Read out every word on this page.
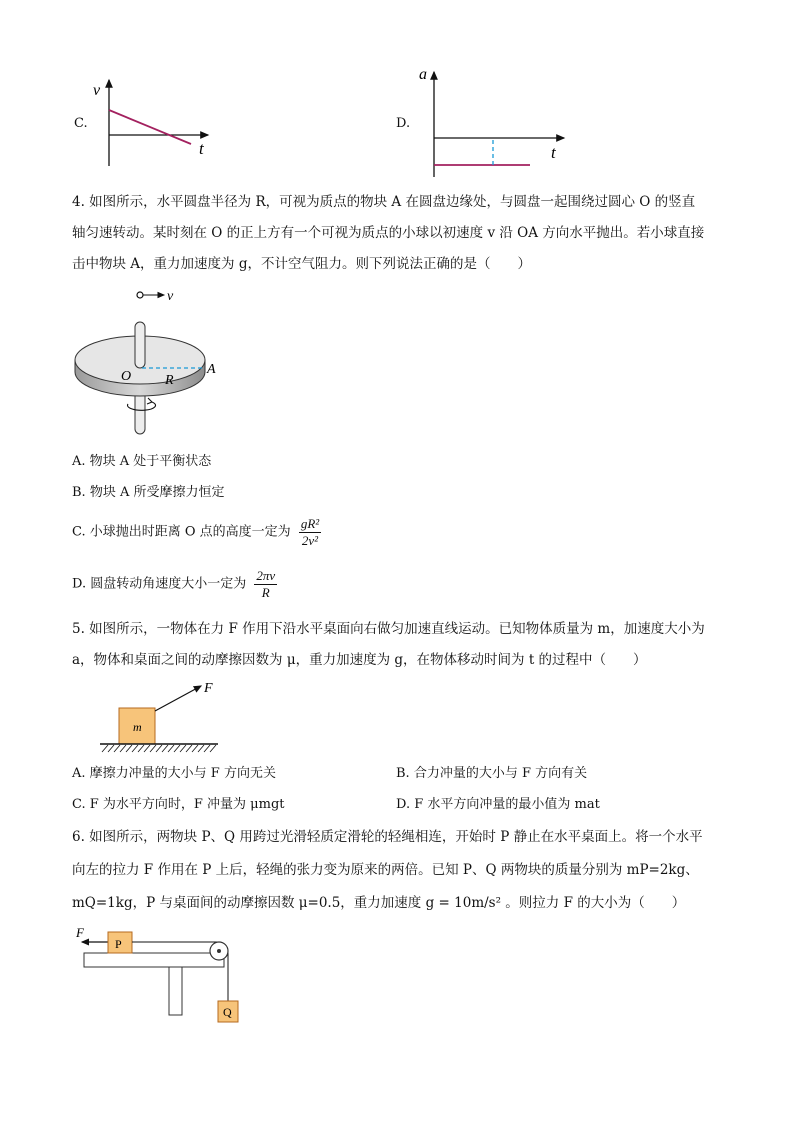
C.
v
t
D.
a
t
4. 如图所示，水平圆盘半径为 R，可视为质点的物块 A 在圆盘边缘处，与圆盘一起围绕过圆心 O 的竖直
轴匀速转动。某时刻在 O 的正上方有一个可视为质点的小球以初速度 v 沿 OA 方向水平抛出。若小球直接
击中物块 A，重力加速度为 g，不计空气阻力。则下列说法正确的是（　　）
v
O R
A
A. 物块 A 处于平衡状态
B. 物块 A 所受摩擦力恒定
C. 小球抛出时距离 O 点的高度一定为 $\frac{\text{gR²}}{\text{2v²}}$
D. 圆盘转动角速度大小一定为 $\frac{2\pi v}{R}$
5. 如图所示，一物体在力 F 作用下沿水平桌面向右做匀加速直线运动。已知物体质量为 m，加速度大小为
a，物体和桌面之间的动摩擦因数为 μ，重力加速度为 g，在物体移动时间为 t 的过程中（　　）
m
F
A. 摩擦力冲量的大小与 F 方向无关	B. 合力冲量的大小与 F 方向有关
C. F 为水平方向时，F 冲量为 μmgt	D. F 水平方向冲量的最小值为 mat
6. 如图所示，两物块 P、Q 用跨过光滑轻质定滑轮的轻绳相连，开始时 P 静止在水平桌面上。将一个水平
向左的拉力 F 作用在 P 上后，轻绳的张力变为原来的两倍。已知 P、Q 两物块的质量分别为 mP=2kg、
mQ=1kg，P 与桌面间的动摩擦因数 μ=0.5，重力加速度 g = 10m/s² 。则拉力 F 的大小为（　　）
F
P
Q
